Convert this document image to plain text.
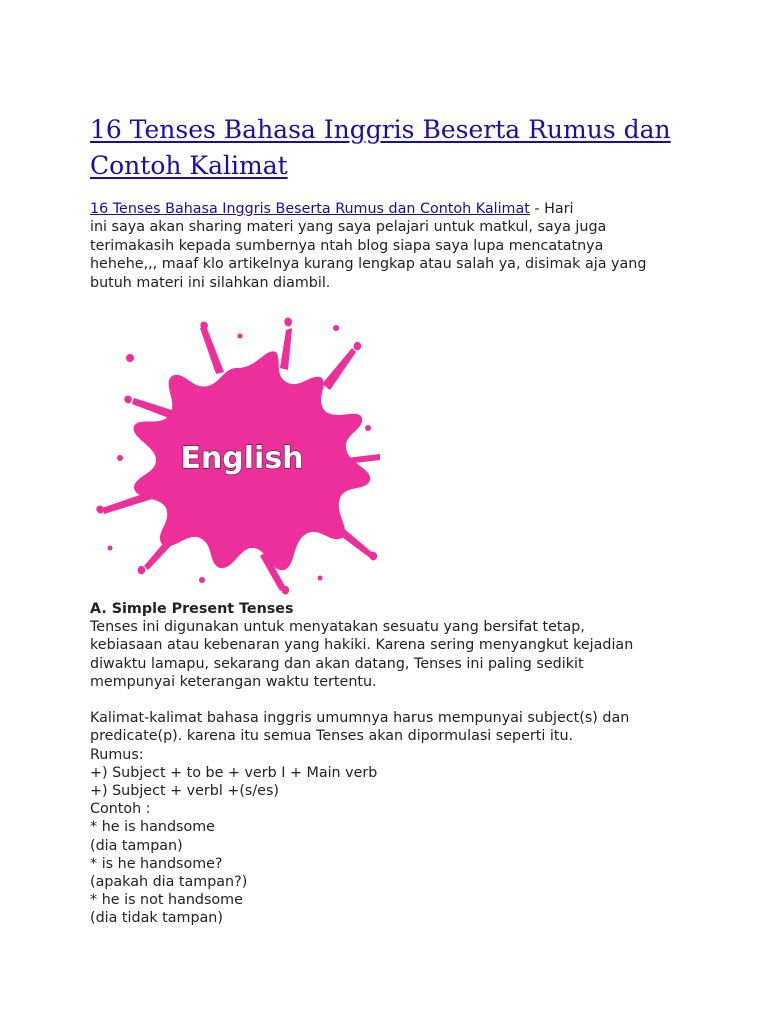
16 Tenses Bahasa Inggris Beserta Rumus dan Contoh Kalimat

16 Tenses Bahasa Inggris Beserta Rumus dan Contoh Kalimat - Hari
ini saya akan sharing materi yang saya pelajari untuk matkul, saya juga
terimakasih kepada sumbernya ntah blog siapa saya lupa mencatatnya
hehehe,,, maaf klo artikelnya kurang lengkap atau salah ya, disimak aja yang
butuh materi ini silahkan diambil.

English
A. Simple Present Tenses
Tenses ini digunakan untuk menyatakan sesuatu yang bersifat tetap,
kebiasaan atau kebenaran yang hakiki. Karena sering menyangkut kejadian
diwaktu lamapu, sekarang dan akan datang, Tenses ini paling sedikit
mempunyai keterangan waktu tertentu.
Kalimat-kalimat bahasa inggris umumnya harus mempunyai subject(s) dan
predicate(p). karena itu semua Tenses akan dipormulasi seperti itu.
Rumus:
+) Subject + to be + verb I + Main verb
+) Subject + verbl +(s/es)
Contoh :
* he is handsome
(dia tampan)
* is he handsome?
(apakah dia tampan?)
* he is not handsome
(dia tidak tampan)
